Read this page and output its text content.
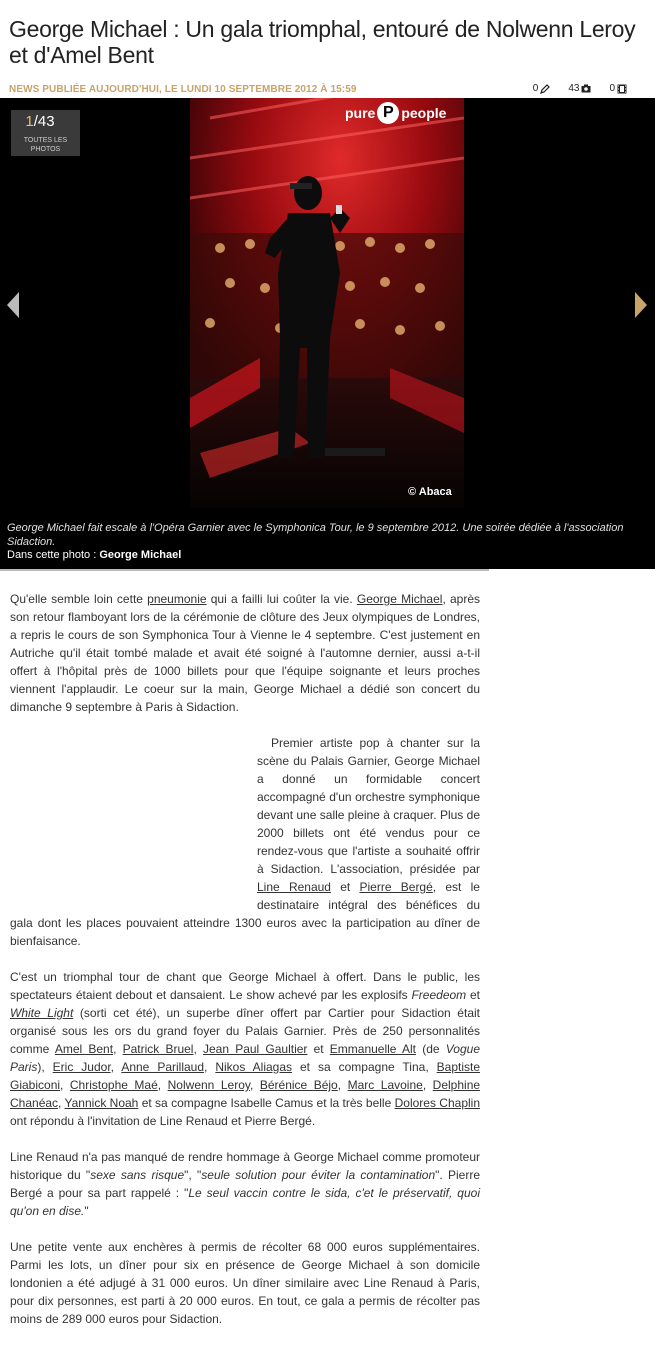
George Michael : Un gala triomphal, entouré de Nolwenn Leroy et d'Amel Bent
NEWS PUBLIÉE AUJOURD'HUI, LE LUNDI 10 SEPTEMBRE 2012 À 15:59	0	43	0
1/43
TOUTES LES PHOTOS
pure P people
© Abaca
George Michael fait escale à l'Opéra Garnier avec le Symphonica Tour, le 9 septembre 2012. Une soirée dédiée à l'association Sidaction.
Dans cette photo : George Michael

Qu'elle semble loin cette pneumonie qui a failli lui coûter la vie. George Michael, après son retour flamboyant lors de la cérémonie de clôture des Jeux olympiques de Londres, a repris le cours de son Symphonica Tour à Vienne le 4 septembre. C'est justement en Autriche qu'il était tombé malade et avait été soigné à l'automne dernier, aussi a-t-il offert à l'hôpital près de 1000 billets pour que l'équipe soignante et leurs proches viennent l'applaudir. Le coeur sur la main, George Michael a dédié son concert du dimanche 9 septembre à Paris à Sidaction.

Premier artiste pop à chanter sur la scène du Palais Garnier, George Michael a donné un formidable concert accompagné d'un orchestre symphonique devant une salle pleine à craquer. Plus de 2000 billets ont été vendus pour ce rendez-vous que l'artiste a souhaité offrir à Sidaction. L'association, présidée par Line Renaud et Pierre Bergé, est le destinataire intégral des bénéfices du gala dont les places pouvaient atteindre 1300 euros avec la participation au dîner de bienfaisance.

C'est un triomphal tour de chant que George Michael à offert. Dans le public, les spectateurs étaient debout et dansaient. Le show achevé par les explosifs Freedeom et White Light (sorti cet été), un superbe dîner offert par Cartier pour Sidaction était organisé sous les ors du grand foyer du Palais Garnier. Près de 250 personnalités comme Amel Bent, Patrick Bruel, Jean Paul Gaultier et Emmanuelle Alt (de Vogue Paris), Eric Judor, Anne Parillaud, Nikos Aliagas et sa compagne Tina, Baptiste Giabiconi, Christophe Maé, Nolwenn Leroy, Bérénice Béjo, Marc Lavoine, Delphine Chanéac, Yannick Noah et sa compagne Isabelle Camus et la très belle Dolores Chaplin ont répondu à l'invitation de Line Renaud et Pierre Bergé.

Line Renaud n'a pas manqué de rendre hommage à George Michael comme promoteur historique du "sexe sans risque", "seule solution pour éviter la contamination". Pierre Bergé a pour sa part rappelé : "Le seul vaccin contre le sida, c'et le préservatif, quoi qu'on en dise."

Une petite vente aux enchères à permis de récolter 68 000 euros supplémentaires. Parmi les lots, un dîner pour six en présence de George Michael à son domicile londonien a été adjugé à 31 000 euros. Un dîner similaire avec Line Renaud à Paris, pour dix personnes, est parti à 20 000 euros. En tout, ce gala a permis de récolter pas moins de 289 000 euros pour Sidaction.
